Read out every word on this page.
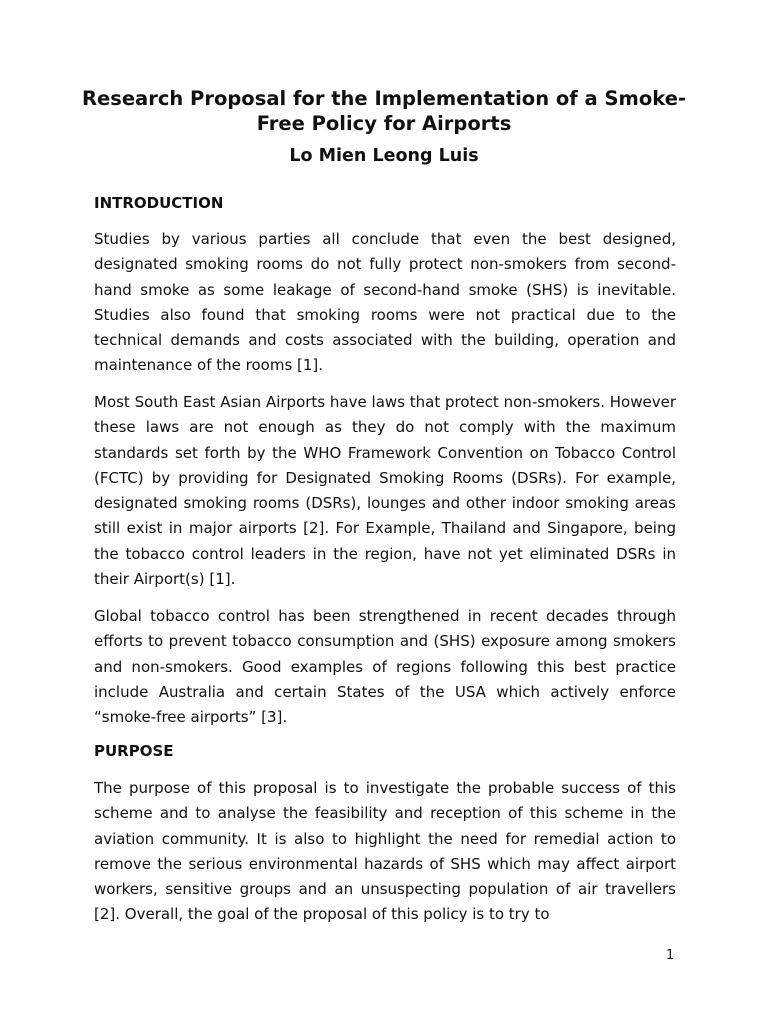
Research Proposal for the Implementation of a Smoke-Free Policy for Airports
Lo Mien Leong Luis
INTRODUCTION

Studies by various parties all conclude that even the best designed, designated smoking rooms do not fully protect non-smokers from second-hand smoke as some leakage of second-hand smoke (SHS) is inevitable. Studies also found that smoking rooms were not practical due to the technical demands and costs associated with the building, operation and maintenance of the rooms [1].

Most South East Asian Airports have laws that protect non-smokers. However these laws are not enough as they do not comply with the maximum standards set forth by the WHO Framework Convention on Tobacco Control (FCTC) by providing for Designated Smoking Rooms (DSRs). For example, designated smoking rooms (DSRs), lounges and other indoor smoking areas still exist in major airports [2]. For Example, Thailand and Singapore, being the tobacco control leaders in the region, have not yet eliminated DSRs in their Airport(s) [1].

Global tobacco control has been strengthened in recent decades through efforts to prevent tobacco consumption and (SHS) exposure among smokers and non-smokers. Good examples of regions following this best practice include Australia and certain States of the USA which actively enforce “smoke-free airports” [3].

PURPOSE

The purpose of this proposal is to investigate the probable success of this scheme and to analyse the feasibility and reception of this scheme in the aviation community. It is also to highlight the need for remedial action to remove the serious environmental hazards of SHS which may affect airport workers, sensitive groups and an unsuspecting population of air travellers [2]. Overall, the goal of the proposal of this policy is to try to

1
